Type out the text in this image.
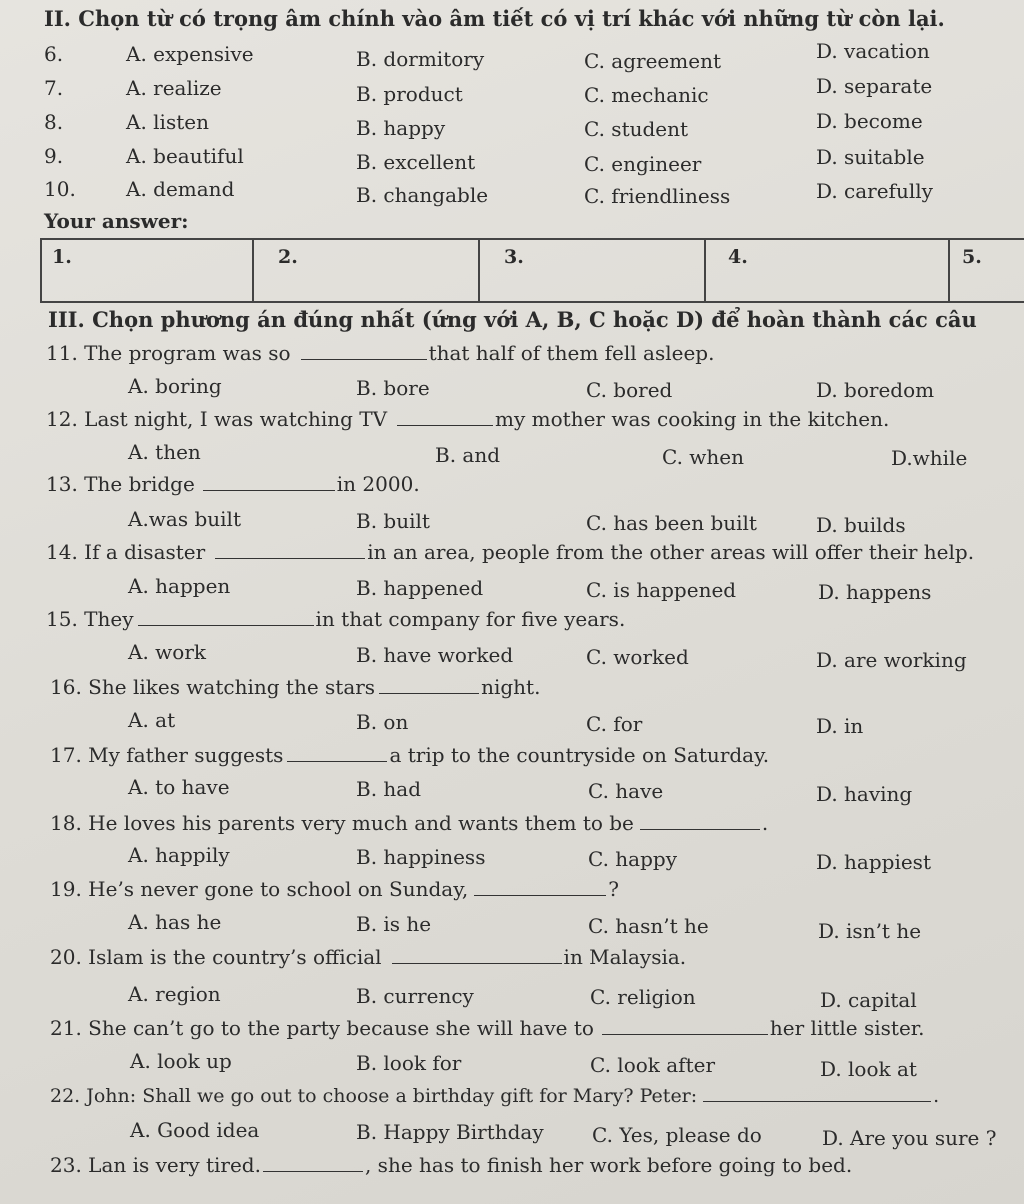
II. Chọn từ có trọng âm chính vào âm tiết có vị trí khác với những từ còn lại.
6.	A. expensive	B. dormitory	C. agreement	D. vacation
7.	A. realize	B. product	C. mechanic	D. separate
8.	A. listen	B. happy	C. student	D. become
9.	A. beautiful	B. excellent	C. engineer	D. suitable
10.	A. demand	B. changable	C. friendliness	D. carefully
Your answer:
1.	2.	3.	4.	5.
III. Chọn phương án đúng nhất (ứng với A, B, C hoặc D) để hoàn thành các câu
11. The program was so	that half of them fell asleep.
A. boring	B. bore	C. bored	D. boredom
12. Last night, I was watching TV	my mother was cooking in the kitchen.
A. then	B. and	C. when	D.while
13. The bridge	in 2000.
A.was built	B. built	C. has been built	D. builds
14. If a disaster	in an area, people from the other areas will offer their help.
A. happen	B. happened	C. is happened	D. happens
15. They	in that company for five years.
A. work	B. have worked	C. worked	D. are working
16. She likes watching the stars	night.
A. at	B. on	C. for	D. in
17. My father suggests	a trip to the countryside on Saturday.
A. to have	B. had	C. have	D. having
18. He loves his parents very much and wants them to be	.
A. happily	B. happiness	C. happy	D. happiest
19. He’s never gone to school on Sunday,	?
A. has he	B. is he	C. hasn’t he	D. isn’t he
20. Islam is the country’s official	in Malaysia.
A. region	B. currency	C. religion	D. capital
21. She can’t go to the party because she will have to	her little sister.
A. look up	B. look for	C. look after	D. look at
22. John: Shall we go out to choose a birthday gift for Mary? Peter:	.
A. Good idea	B. Happy Birthday C. Yes, please do	D. Are you sure ?
23. Lan is very tired.	, she has to finish her work before going to bed.
